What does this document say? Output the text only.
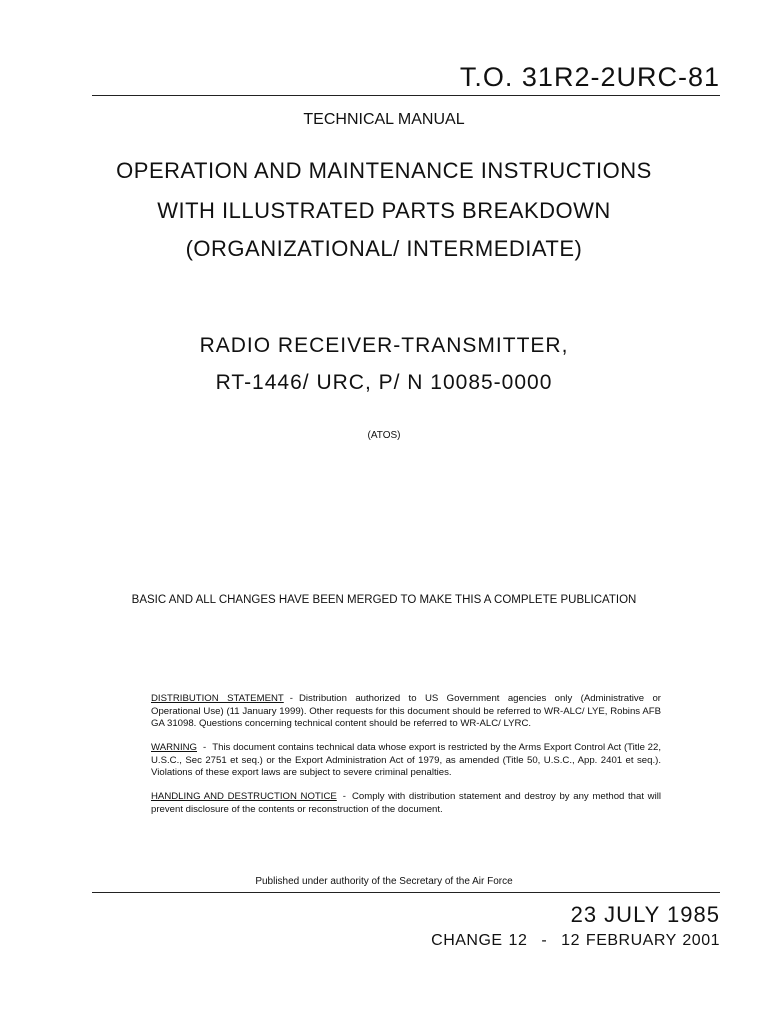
T.O. 31R2-2URC-81
TECHNICAL MANUAL
OPERATION AND MAINTENANCE INSTRUCTIONS
WITH ILLUSTRATED PARTS BREAKDOWN
(ORGANIZATIONAL/ INTERMEDIATE)
RADIO RECEIVER-TRANSMITTER,
RT-1446/ URC, P/ N 10085-0000
(ATOS)
BASIC AND ALL CHANGES HAVE BEEN MERGED TO MAKE THIS A COMPLETE PUBLICATION
DISTRIBUTION STATEMENT - Distribution authorized to US Government agencies only (Administrative or Operational Use) (11 January 1999). Other requests for this document should be referred to WR-ALC/ LYE, Robins AFB GA 31098. Questions concerning technical content should be referred to WR-ALC/ LYRC.
WARNING - This document contains technical data whose export is restricted by the Arms Export Control Act (Title 22, U.S.C., Sec 2751 et seq.) or the Export Administration Act of 1979, as amended (Title 50, U.S.C., App. 2401 et seq.). Violations of these export laws are subject to severe criminal penalties.
HANDLING AND DESTRUCTION NOTICE - Comply with distribution statement and destroy by any method that will prevent disclosure of the contents or reconstruction of the document.
Published under authority of the Secretary of the Air Force
23 JULY 1985
CHANGE 12 - 12 FEBRUARY 2001
